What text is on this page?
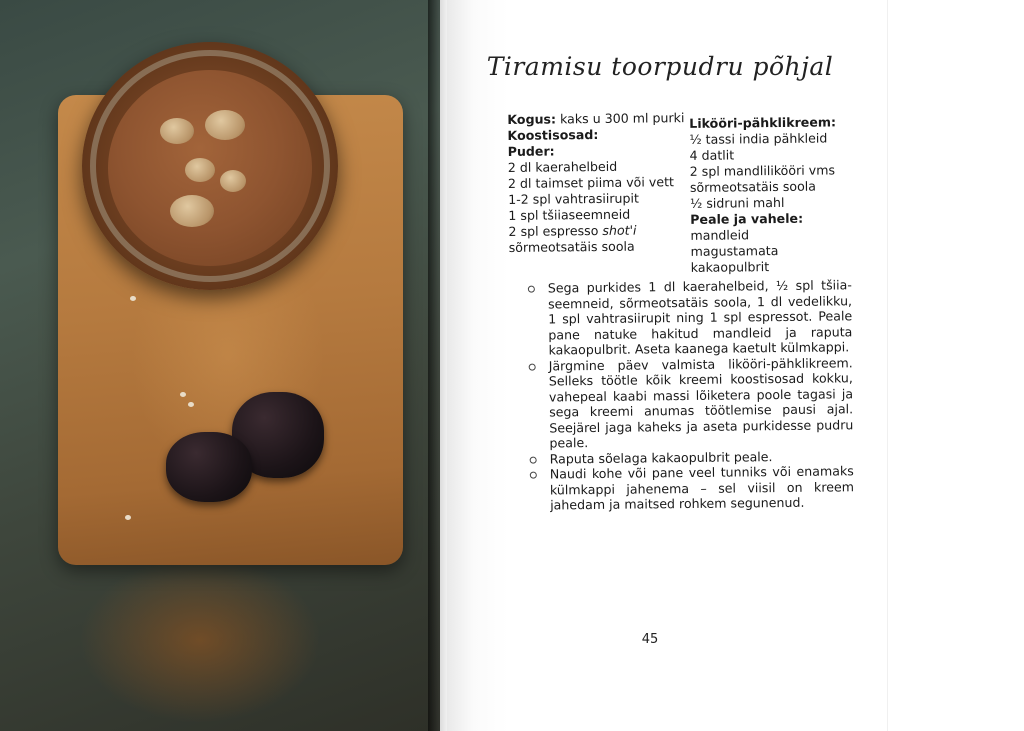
Tiramisu toorpudru põhjal
Kogus: kaks u 300 ml purki
Koostisosad:
Puder:
2 dl kaerahelbeid
2 dl taimset piima või vett
1-2 spl vahtrasiirupit
1 spl tšiiaseemneid
2 spl espresso shot'i
sõrmeotsatäis soola
Likööri-pähklikreem:
½ tassi india pähkleid
4 datlit
2 spl mandlilikööri vms
sõrmeotsatäis soola
½ sidruni mahl
Peale ja vahele:
mandleid
magustamata
kakaopulbrit
Sega purkides 1 dl kaerahelbeid, ½ spl tšiia-seemneid, sõrmeotsatäis soola, 1 dl vedelikku, 1 spl vahtrasiirupit ning 1 spl espressot. Peale pane natuke hakitud mandleid ja raputa kakaopulbrit. Aseta kaanega kaetult külmkappi.
Järgmine päev valmista likööri-pähklikreem. Selleks töötle kõik kreemi koostisosad kokku, vahepeal kaabi massi lõiketera poole tagasi ja sega kreemi anumas töötlemise pausi ajal. Seejärel jaga kaheks ja aseta purkidesse pudru peale.
Raputa sõelaga kakaopulbrit peale.
Naudi kohe või pane veel tunniks või enamaks külmkappi jahenema – sel viisil on kreem jahedam ja maitsed rohkem segunenud.
45
